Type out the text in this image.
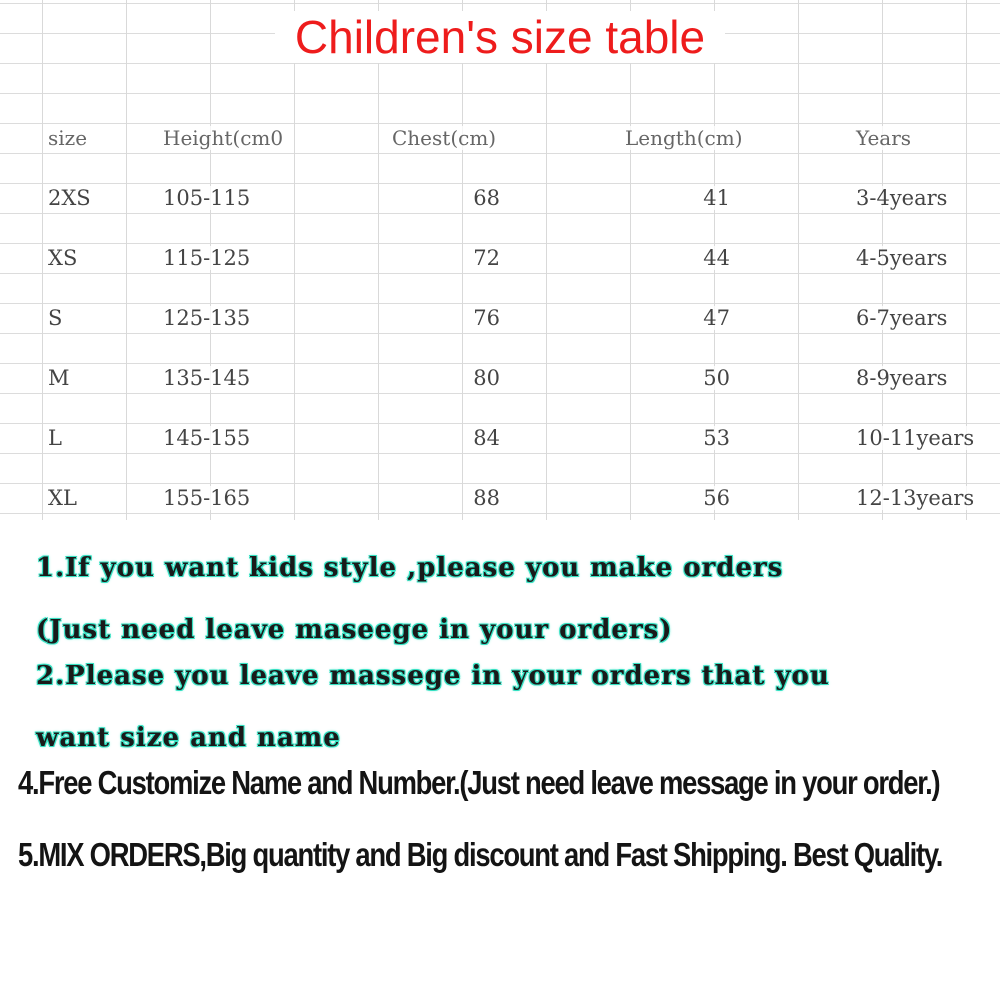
Children's size table
size	Height(cm0	Chest(cm)	Length(cm)	Years
2XS	105-115	68	41	3-4years
XS	115-125	72	44	4-5years
S	125-135	76	47	6-7years
M	135-145	80	50	8-9years
L	145-155	84	53	10-11years
XL	155-165	88	56	12-13years
1.If you want kids style ,please you make orders
(Just need leave maseege in your orders)
2.Please you leave massege in your orders that you
want size and name
4.Free Customize Name and Number.(Just need leave message in your order.)
5.MIX ORDERS,Big quantity and Big discount and Fast Shipping. Best Quality.
